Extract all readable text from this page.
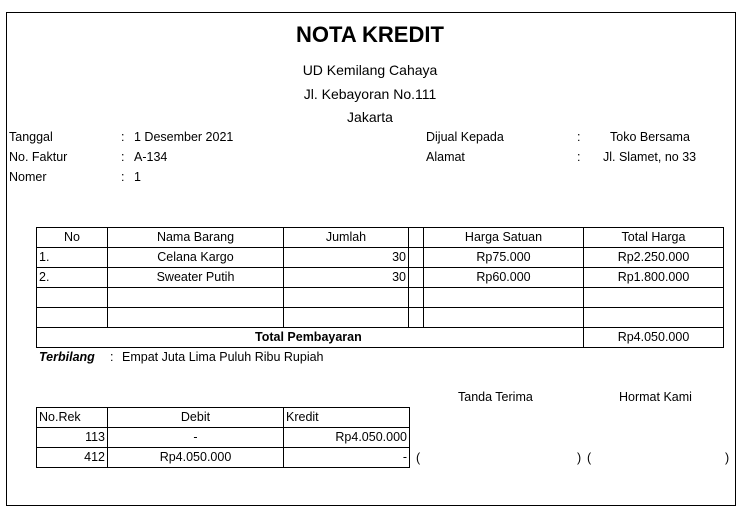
NOTA KREDIT
UD Kemilang Cahaya
Jl. Kebayoran No.111
Jakarta
Tanggal	: 1 Desember 2021
No. Faktur	: A-134
Nomer	: 1
Dijual Kepada	: Toko Bersama
Alamat	: Jl. Slamet, no 33
No	Nama Barang	Jumlah		Harga Satuan	Total Harga
1.	Celana Kargo	30		Rp75.000	Rp2.250.000
2.	Sweater Putih	30		Rp60.000	Rp1.800.000

Total Pembayaran					Rp4.050.000
Terbilang : Empat Juta Lima Puluh Ribu Rupiah
Tanda Terima	Hormat Kami
(	) (	)
No.Rek	Debit	Kredit
113	-	Rp4.050.000
412	Rp4.050.000	-
